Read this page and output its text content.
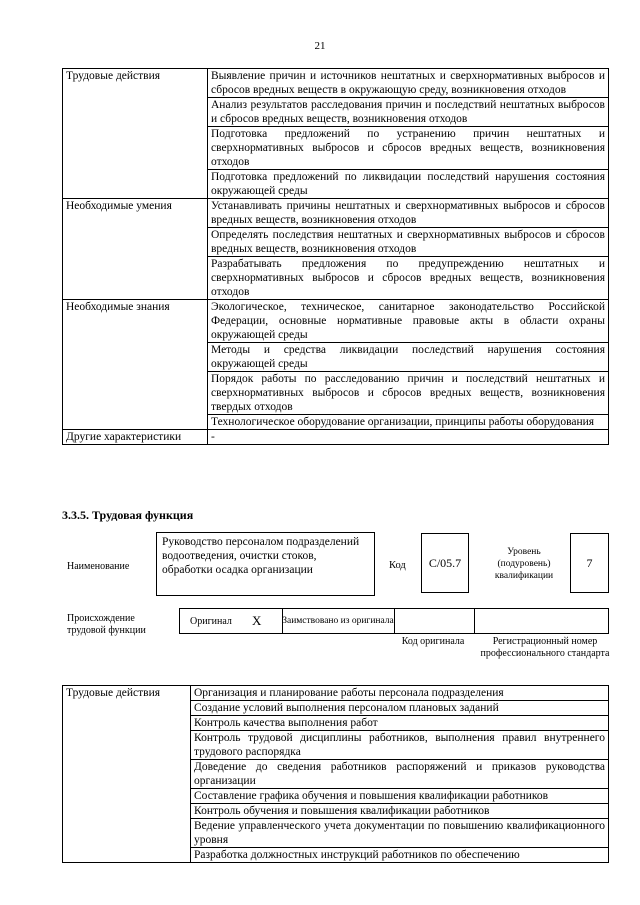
21
Трудовые действия	Выявление причин и источников нештатных и сверхнормативных выбросов и сбросов вредных веществ в окружающую среду, возникновения отходов
	Анализ результатов расследования причин и последствий нештатных выбросов и сбросов вредных веществ, возникновения отходов
	Подготовка предложений по устранению причин нештатных и сверхнормативных выбросов и сбросов вредных веществ, возникновения отходов
	Подготовка предложений по ликвидации последствий нарушения состояния окружающей среды
Необходимые умения	Устанавливать причины нештатных и сверхнормативных выбросов и сбросов вредных веществ, возникновения отходов
	Определять последствия нештатных и сверхнормативных выбросов и сбросов вредных веществ, возникновения отходов
	Разрабатывать предложения по предупреждению нештатных и сверхнормативных выбросов и сбросов вредных веществ, возникновения отходов
Необходимые знания	Экологическое, техническое, санитарное законодательство Российской Федерации, основные нормативные правовые акты в области охраны окружающей среды
	Методы и средства ликвидации последствий нарушения состояния окружающей среды
	Порядок работы по расследованию причин и последствий нештатных и сверхнормативных выбросов и сбросов вредных веществ, возникновения твердых отходов
	Технологическое оборудование организации, принципы работы оборудования
Другие характеристики	-
3.3.5. Трудовая функция
Наименование
Руководство персоналом подразделений водоотведения, очистки стоков, обработки осадка организации	Код C/05.7
Уровень (подуровень) квалификации
7
Происхождение трудовой функции
Оригинал	X Заимствовано из оригинала
Код оригинала	Регистрационный номер профессионального стандарта
Трудовые действия	Организация и планирование работы персонала подразделения
Создание условий выполнения персоналом плановых заданий
Контроль качества выполнения работ
Контроль трудовой дисциплины работников, выполнения правил внутреннего трудового распорядка
Доведение до сведения работников распоряжений и приказов руководства организации
Составление графика обучения и повышения квалификации работников
Контроль обучения и повышения квалификации работников
Ведение управленческого учета документации по повышению квалификационного уровня
Разработка должностных инструкций работников по обеспечению
